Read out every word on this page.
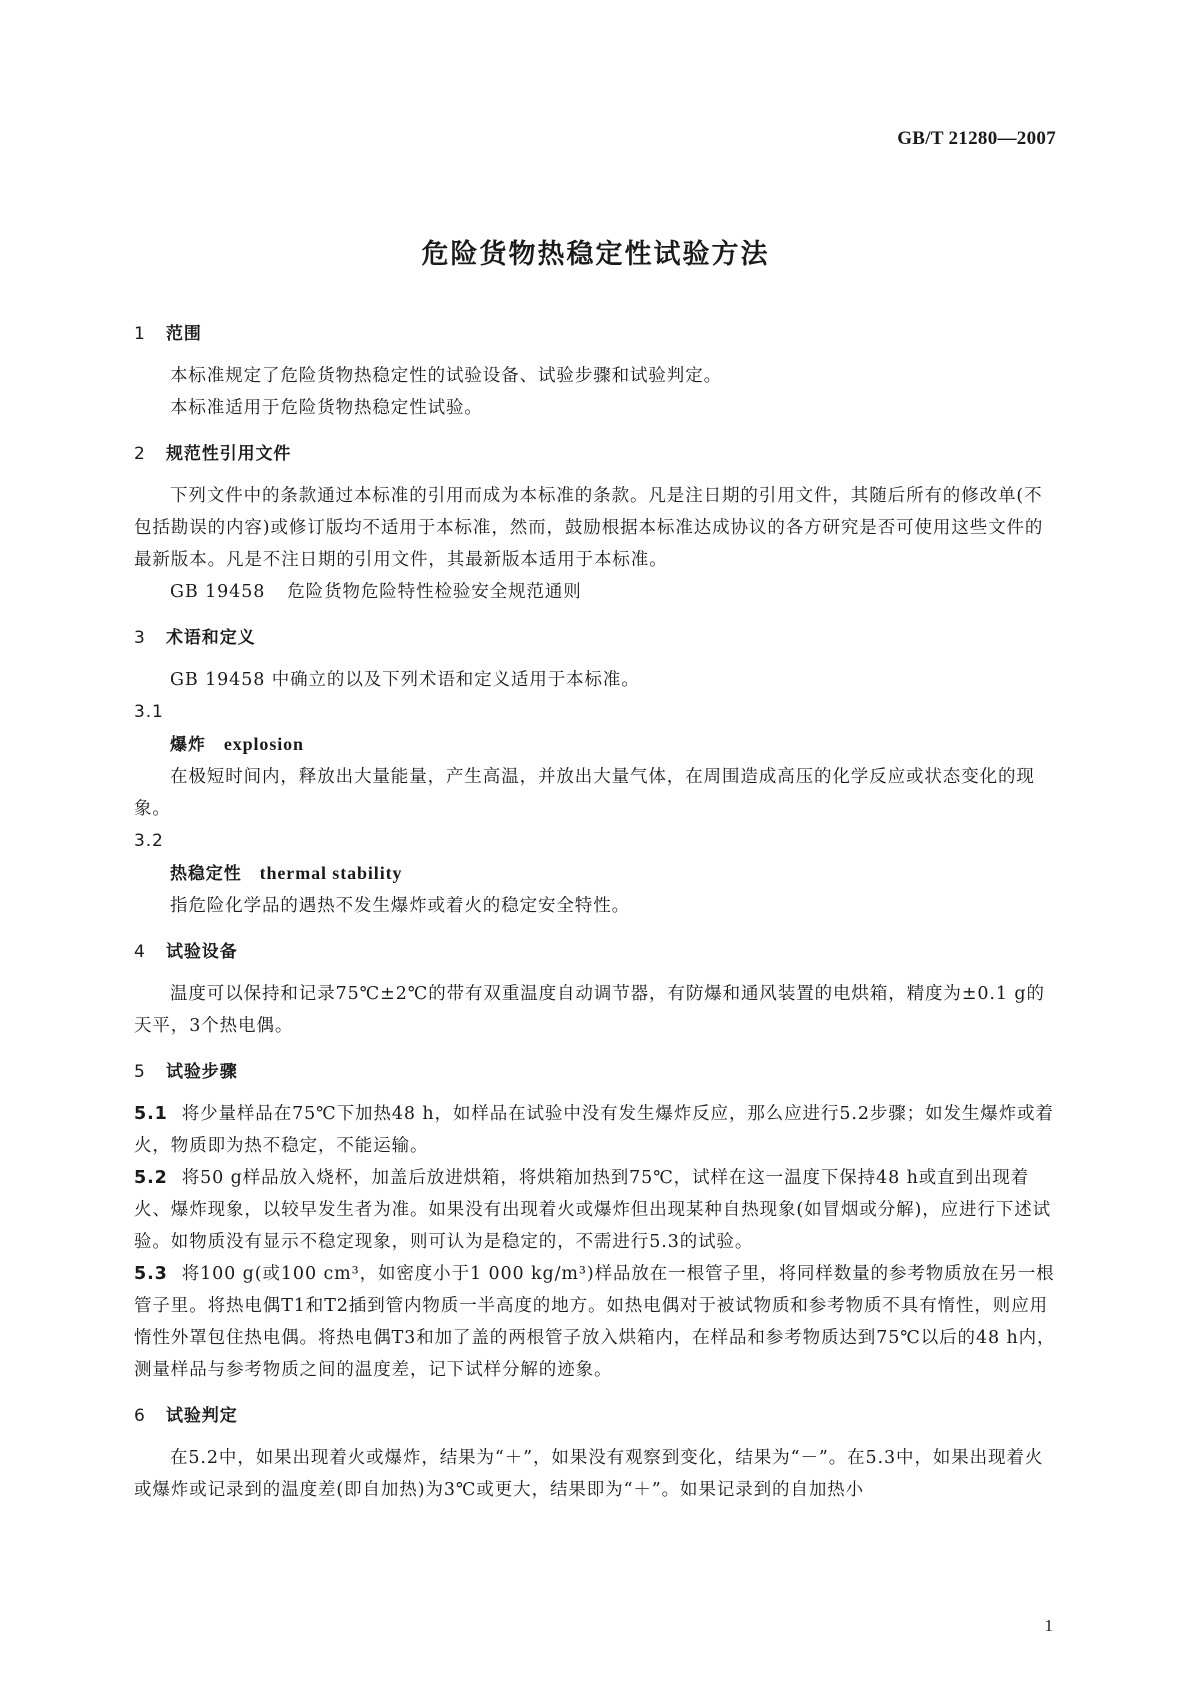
GB/T 21280—2007
危险货物热稳定性试验方法
1 范围
本标准规定了危险货物热稳定性的试验设备、试验步骤和试验判定。
本标准适用于危险货物热稳定性试验。
2 规范性引用文件
下列文件中的条款通过本标准的引用而成为本标准的条款。凡是注日期的引用文件，其随后所有的修改单(不包括勘误的内容)或修订版均不适用于本标准，然而，鼓励根据本标准达成协议的各方研究是否可使用这些文件的最新版本。凡是不注日期的引用文件，其最新版本适用于本标准。
GB 19458 危险货物危险特性检验安全规范通则
3 术语和定义
GB 19458 中确立的以及下列术语和定义适用于本标准。
3.1
爆炸 explosion
在极短时间内，释放出大量能量，产生高温，并放出大量气体，在周围造成高压的化学反应或状态变化的现象。
3.2
热稳定性 thermal stability
指危险化学品的遇热不发生爆炸或着火的稳定安全特性。
4 试验设备
温度可以保持和记录75℃±2℃的带有双重温度自动调节器，有防爆和通风装置的电烘箱，精度为±0.1 g的天平，3个热电偶。
5 试验步骤
5.1 将少量样品在75℃下加热48 h，如样品在试验中没有发生爆炸反应，那么应进行5.2步骤；如发生爆炸或着火，物质即为热不稳定，不能运输。
5.2 将50 g样品放入烧杯，加盖后放进烘箱，将烘箱加热到75℃，试样在这一温度下保持48 h或直到出现着火、爆炸现象，以较早发生者为准。如果没有出现着火或爆炸但出现某种自热现象(如冒烟或分解)，应进行下述试验。如物质没有显示不稳定现象，则可认为是稳定的，不需进行5.3的试验。
5.3 将100 g(或100 cm³，如密度小于1 000 kg/m³)样品放在一根管子里，将同样数量的参考物质放在另一根管子里。将热电偶T1和T2插到管内物质一半高度的地方。如热电偶对于被试物质和参考物质不具有惰性，则应用惰性外罩包住热电偶。将热电偶T3和加了盖的两根管子放入烘箱内，在样品和参考物质达到75℃以后的48 h内，测量样品与参考物质之间的温度差，记下试样分解的迹象。
6 试验判定
在5.2中，如果出现着火或爆炸，结果为“＋”，如果没有观察到变化，结果为“－”。在5.3中，如果出现着火或爆炸或记录到的温度差(即自加热)为3℃或更大，结果即为“＋”。如果记录到的自加热小
1
